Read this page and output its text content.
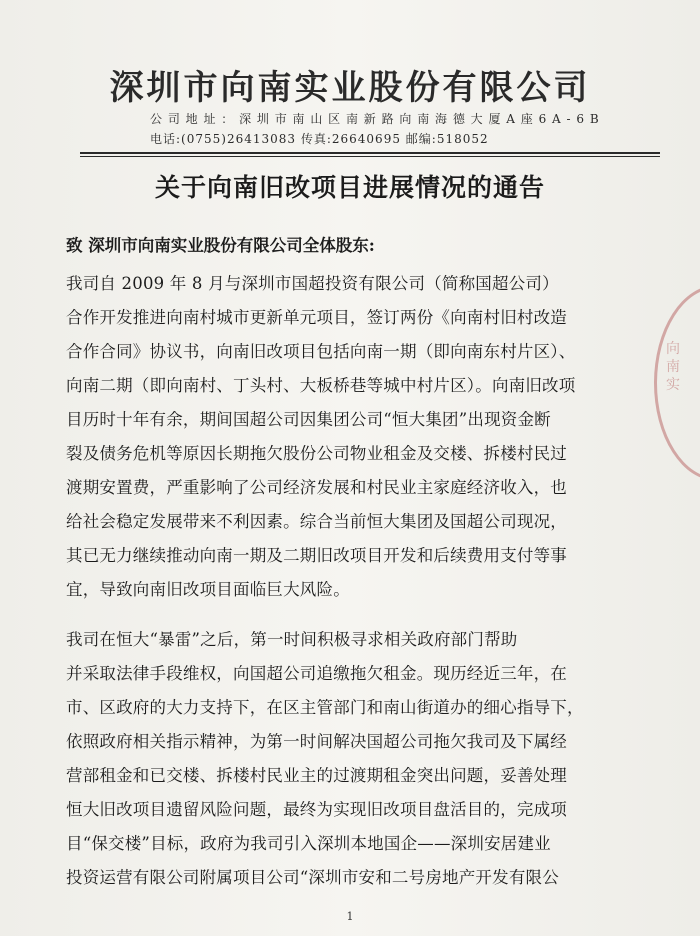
深圳市向南实业股份有限公司
公 司 地 址 ： 深 圳 市 南 山 区 南 新 路 向 南 海 德 大 厦 A 座 6 A - 6 B
电话:(0755)26413083 传真:26640695 邮编:518052
关于向南旧改项目进展情况的通告
致 深圳市向南实业股份有限公司全体股东:
我司自 2009 年 8 月与深圳市国超投资有限公司（简称国超公司）
合作开发推进向南村城市更新单元项目，签订两份《向南村旧村改造
合作合同》协议书，向南旧改项目包括向南一期（即向南东村片区）、
向南二期（即向南村、丁头村、大板桥巷等城中村片区）。向南旧改项
目历时十年有余，期间国超公司因集团公司“恒大集团”出现资金断
裂及债务危机等原因长期拖欠股份公司物业租金及交楼、拆楼村民过
渡期安置费，严重影响了公司经济发展和村民业主家庭经济收入，也
给社会稳定发展带来不利因素。综合当前恒大集团及国超公司现况，
其已无力继续推动向南一期及二期旧改项目开发和后续费用支付等事
宜，导致向南旧改项目面临巨大风险。
我司在恒大“暴雷”之后，第一时间积极寻求相关政府部门帮助
并采取法律手段维权，向国超公司追缴拖欠租金。现历经近三年，在
市、区政府的大力支持下，在区主管部门和南山街道办的细心指导下，
依照政府相关指示精神，为第一时间解决国超公司拖欠我司及下属经
营部租金和已交楼、拆楼村民业主的过渡期租金突出问题，妥善处理
恒大旧改项目遗留风险问题，最终为实现旧改项目盘活目的，完成项
目“保交楼”目标，政府为我司引入深圳本地国企——深圳安居建业
投资运营有限公司附属项目公司“深圳市安和二号房地产开发有限公
1
向南实
